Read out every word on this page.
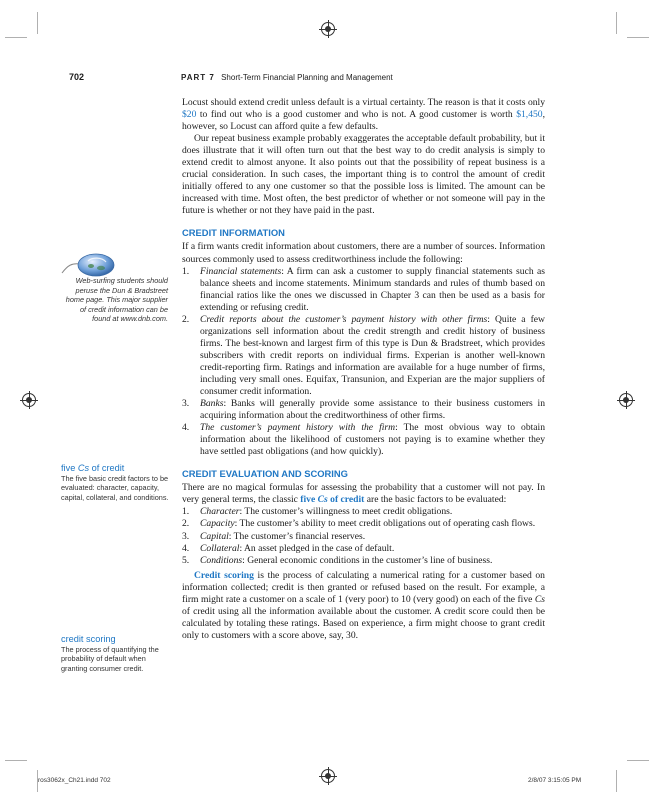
702	PART 7 Short-Term Financial Planning and Management
Web-surfing students should peruse the Dun & Bradstreet home page. This major supplier of credit information can be found at www.dnb.com.
five Cs of credit
The five basic credit factors to be evaluated: character, capacity, capital, collateral, and conditions.
credit scoring
The process of quantifying the probability of default when granting consumer credit.

Locust should extend credit unless default is a virtual certainty. The reason is that it costs only $20 to find out who is a good customer and who is not. A good customer is worth $1,450, however, so Locust can afford quite a few defaults.

Our repeat business example probably exaggerates the acceptable default probability, but it does illustrate that it will often turn out that the best way to do credit analysis is simply to extend credit to almost anyone. It also points out that the possibility of repeat business is a crucial consideration. In such cases, the important thing is to control the amount of credit initially offered to any one customer so that the possible loss is limited. The amount can be increased with time. Most often, the best predictor of whether or not someone will pay in the future is whether or not they have paid in the past.

CREDIT INFORMATION

If a firm wants credit information about customers, there are a number of sources. Information sources commonly used to assess creditworthiness include the following:

1. Financial statements: A firm can ask a customer to supply financial statements such as balance sheets and income statements. Minimum standards and rules of thumb based on financial ratios like the ones we discussed in Chapter 3 can then be used as a basis for extending or refusing credit.
2. Credit reports about the customer’s payment history with other firms: Quite a few organizations sell information about the credit strength and credit history of business firms. The best-known and largest firm of this type is Dun & Bradstreet, which provides subscribers with credit reports on individual firms. Experian is another well-known credit-reporting firm. Ratings and information are available for a huge number of firms, including very small ones. Equifax, Transunion, and Experian are the major suppliers of consumer credit information.
3. Banks: Banks will generally provide some assistance to their business customers in acquiring information about the creditworthiness of other firms.
4. The customer’s payment history with the firm: The most obvious way to obtain information about the likelihood of customers not paying is to examine whether they have settled past obligations (and how quickly).
CREDIT EVALUATION AND SCORING

There are no magical formulas for assessing the probability that a customer will not pay. In very general terms, the classic five Cs of credit are the basic factors to be evaluated:

1. Character: The customer’s willingness to meet credit obligations.
2. Capacity: The customer’s ability to meet credit obligations out of operating cash flows.
3. Capital: The customer’s financial reserves.
4. Collateral: An asset pledged in the case of default.
5. Conditions: General economic conditions in the customer’s line of business.

Credit scoring is the process of calculating a numerical rating for a customer based on information collected; credit is then granted or refused based on the result. For example, a firm might rate a customer on a scale of 1 (very poor) to 10 (very good) on each of the five Cs of credit using all the information available about the customer. A credit score could then be calculated by totaling these ratings. Based on experience, a firm might choose to grant credit only to customers with a score above, say, 30.

ros3062x_Ch21.indd 702	2/8/07 3:15:05 PM
